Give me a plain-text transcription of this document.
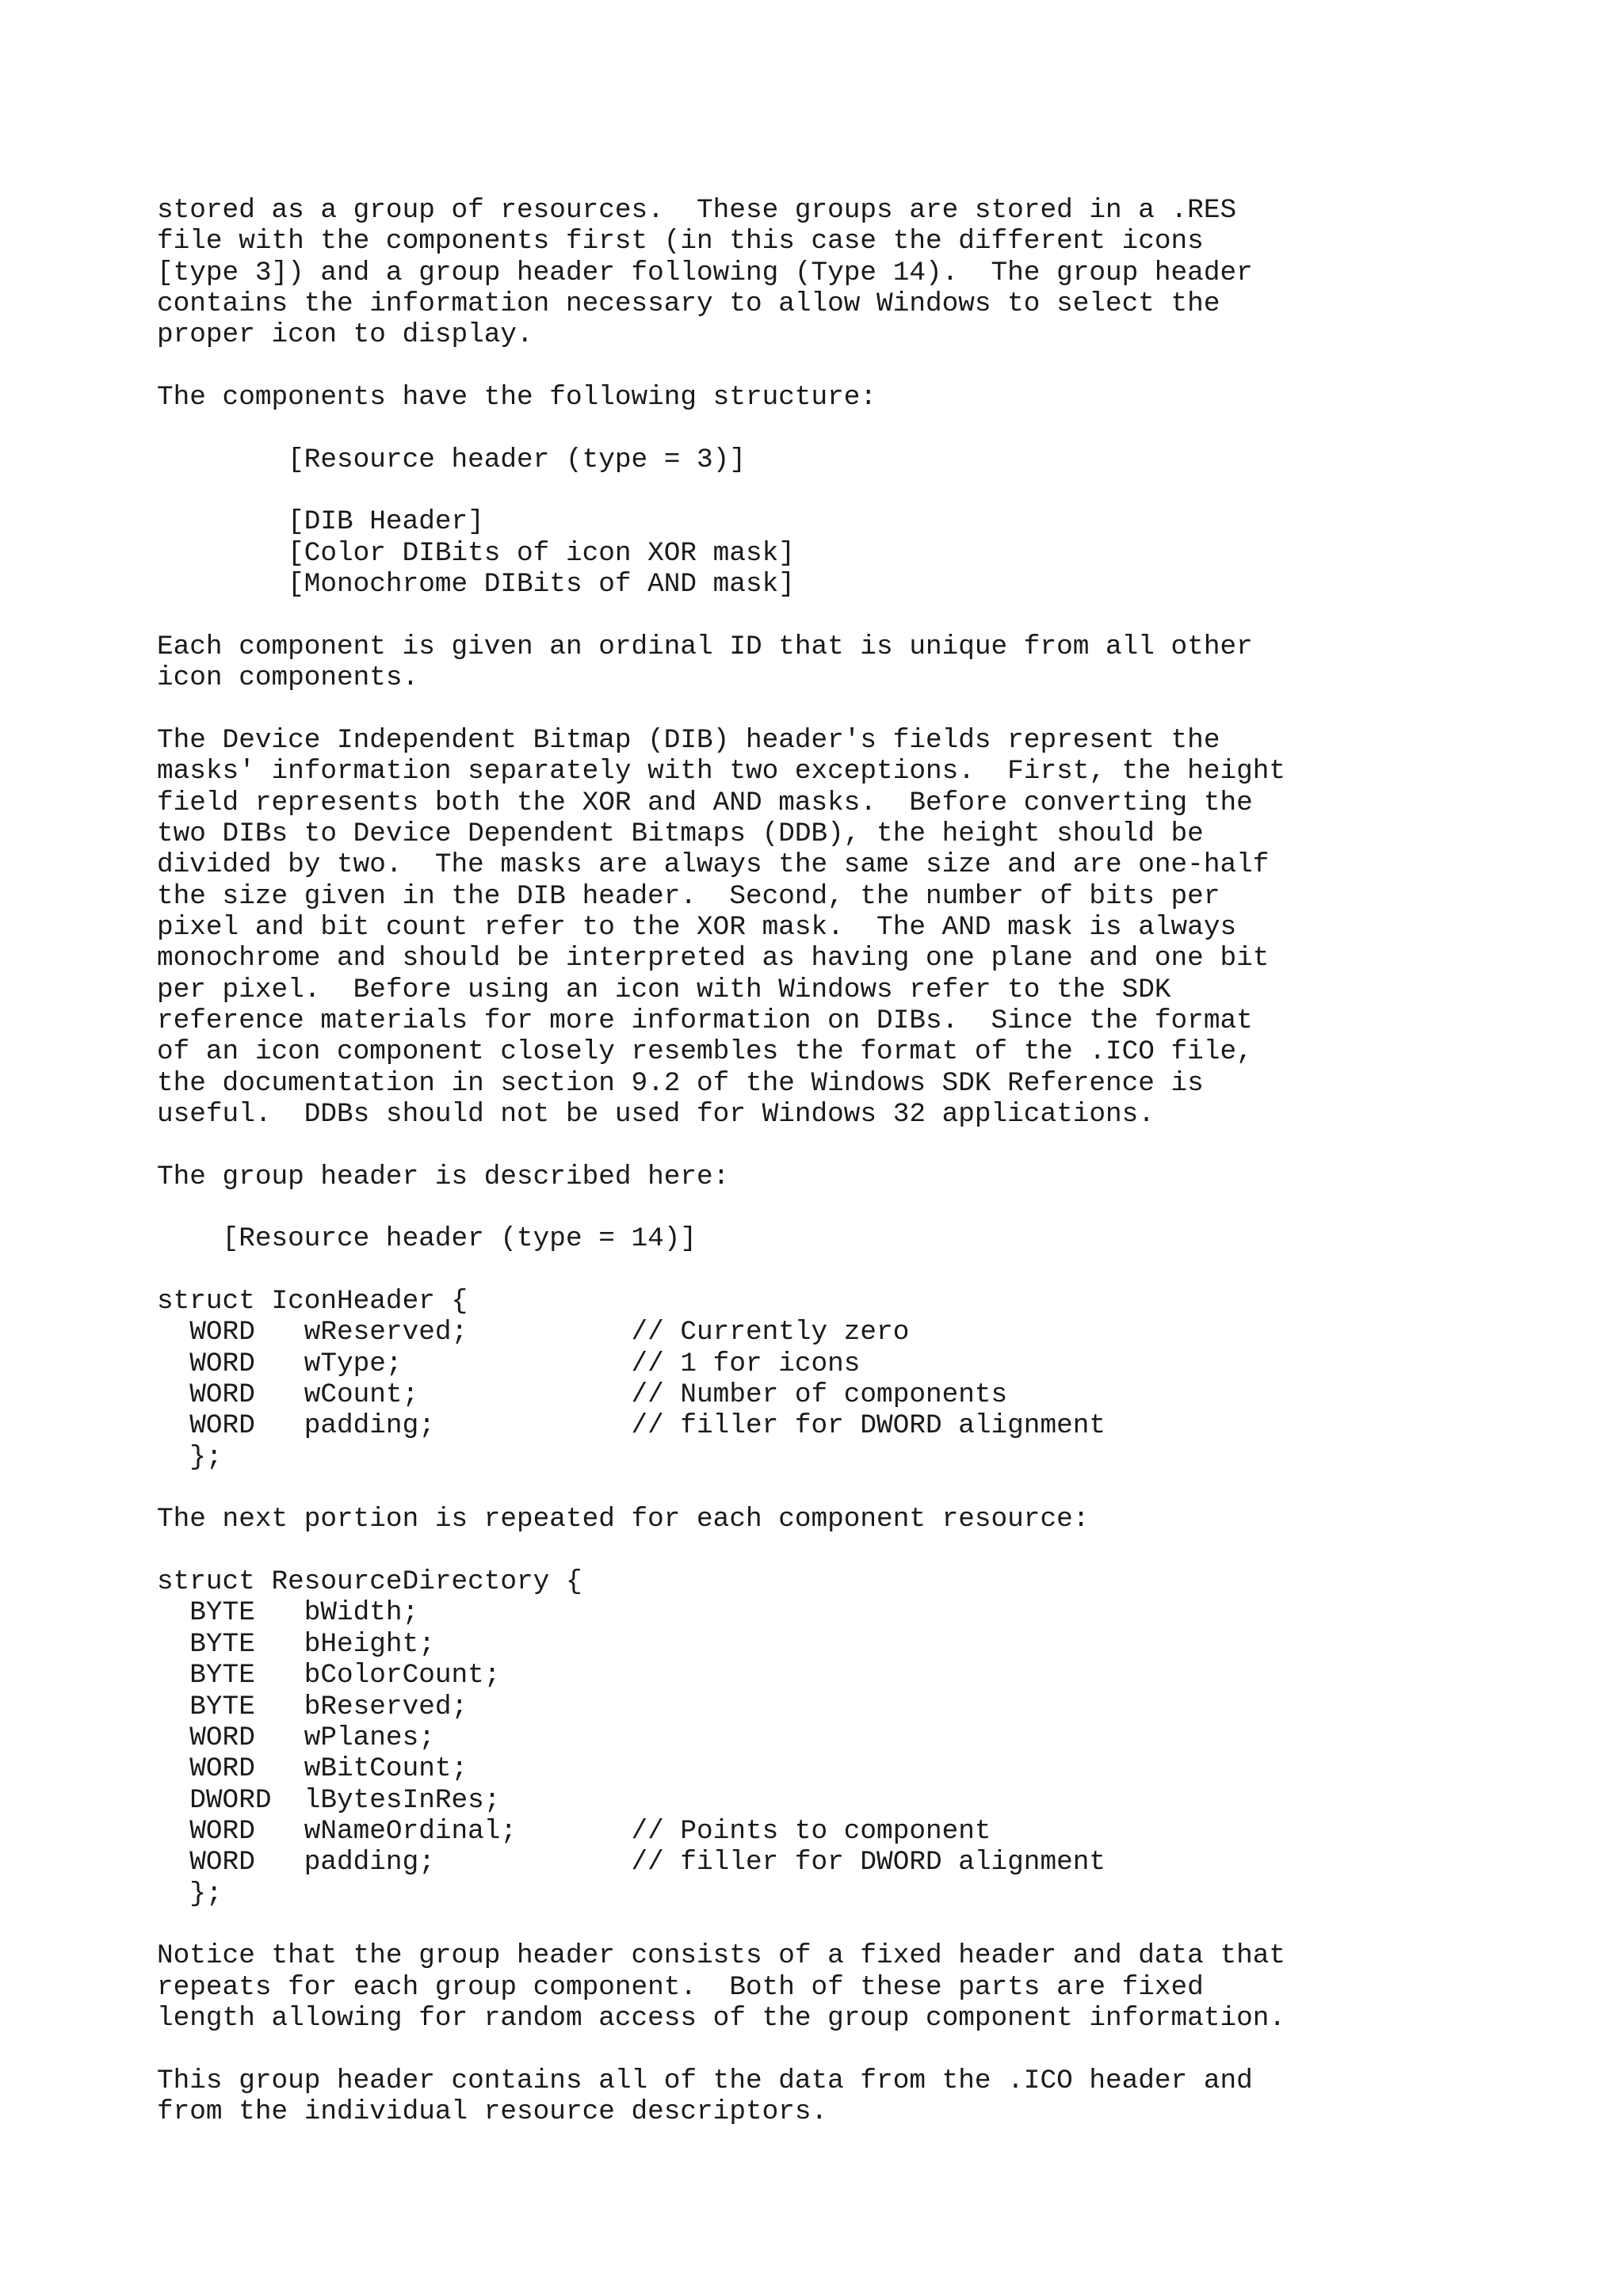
stored as a group of resources.  These groups are stored in a .RES
file with the components first (in this case the different icons
[type 3]) and a group header following (Type 14).  The group header
contains the information necessary to allow Windows to select the
proper icon to display.
The components have the following structure:
[Resource header (type = 3)]
[DIB Header]
[Color DIBits of icon XOR mask]
[Monochrome DIBits of AND mask]
Each component is given an ordinal ID that is unique from all other
icon components.
The Device Independent Bitmap (DIB) header's fields represent the
masks' information separately with two exceptions.  First, the height
field represents both the XOR and AND masks.  Before converting the
two DIBs to Device Dependent Bitmaps (DDB), the height should be
divided by two.  The masks are always the same size and are one-half
the size given in the DIB header.  Second, the number of bits per
pixel and bit count refer to the XOR mask.  The AND mask is always
monochrome and should be interpreted as having one plane and one bit
per pixel.  Before using an icon with Windows refer to the SDK
reference materials for more information on DIBs.  Since the format
of an icon component closely resembles the format of the .ICO file,
the documentation in section 9.2 of the Windows SDK Reference is
useful.  DDBs should not be used for Windows 32 applications.
The group header is described here:
[Resource header (type = 14)]
struct IconHeader {
WORD   wReserved;          // Currently zero
WORD   wType;              // 1 for icons
WORD   wCount;             // Number of components
WORD   padding;            // filler for DWORD alignment
};
The next portion is repeated for each component resource:
struct ResourceDirectory {
BYTE   bWidth;
BYTE   bHeight;
BYTE   bColorCount;
BYTE   bReserved;
WORD   wPlanes;
WORD   wBitCount;
DWORD  lBytesInRes;
WORD   wNameOrdinal;       // Points to component
WORD   padding;            // filler for DWORD alignment
};
Notice that the group header consists of a fixed header and data that
repeats for each group component.  Both of these parts are fixed
length allowing for random access of the group component information.
This group header contains all of the data from the .ICO header and
from the individual resource descriptors.
